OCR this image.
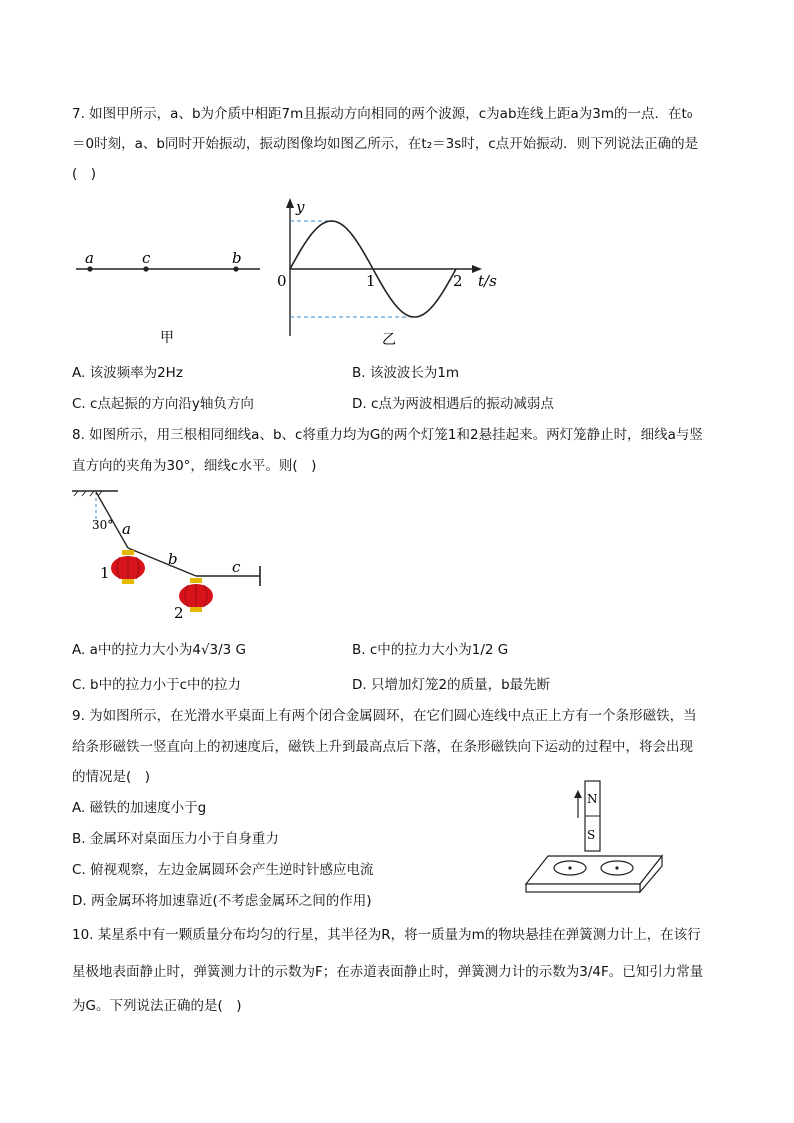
7. 如图甲所示，a、b为介质中相距7m且振动方向相同的两个波源，c为ab连线上距a为3m的一点．在t₀
＝0时刻，a、b同时开始振动，振动图像均如图乙所示，在t₂＝3s时，c点开始振动．则下列说法正确的是
(　)
a	c	b
甲
y
t/s
0	1	2
乙
A. 该波频率为2Hz	B. 该波波长为1m
C. c点起振的方向沿y轴负方向	D. c点为两波相遇后的振动减弱点
8. 如图所示，用三根相同细线a、b、c将重力均为G的两个灯笼1和2悬挂起来。两灯笼静止时，细线a与竖
直方向的夹角为30°，细线c水平。则(　)
30° a
b	c
1
2
A. a中的拉力大小为4√3/3 G	B. c中的拉力大小为1/2 G
C. b中的拉力小于c中的拉力	D. 只增加灯笼2的质量，b最先断
9. 为如图所示，在光滑水平桌面上有两个闭合金属圆环，在它们圆心连线中点正上方有一个条形磁铁，当
给条形磁铁一竖直向上的初速度后，磁铁上升到最高点后下落，在条形磁铁向下运动的过程中，将会出现
的情况是(　)
A. 磁铁的加速度小于g
B. 金属环对桌面压力小于自身重力
C. 俯视观察，左边金属圆环会产生逆时针感应电流
D. 两金属环将加速靠近(不考虑金属环之间的作用)
N
S
10. 某星系中有一颗质量分布均匀的行星，其半径为R，将一质量为m的物块悬挂在弹簧测力计上，在该行
星极地表面静止时，弹簧测力计的示数为F；在赤道表面静止时，弹簧测力计的示数为3/4F。已知引力常量
为G。下列说法正确的是(　)
